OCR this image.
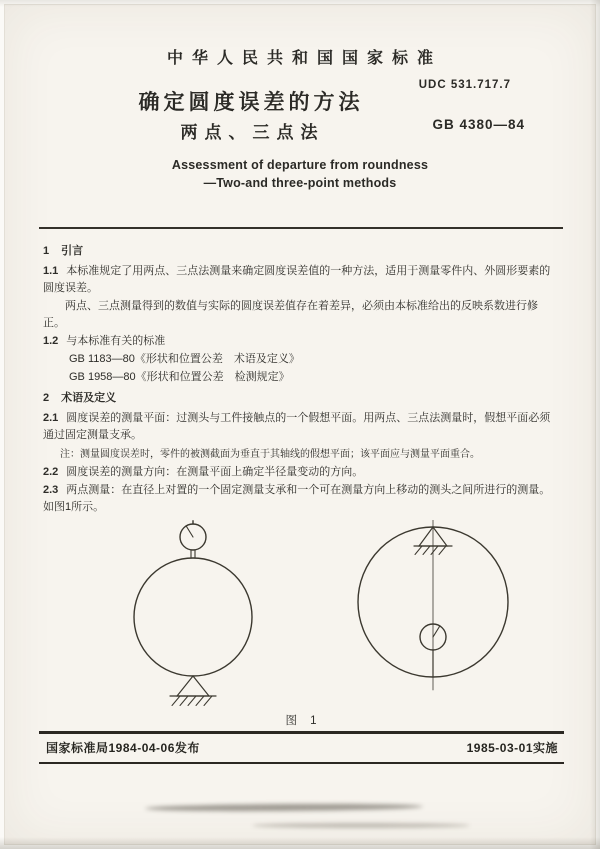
中华人民共和国国家标准
UDC 531.717.7
GB 4380—84
确定圆度误差的方法
两点、三点法
Assessment of departure from roundness
—Two-and three-point methods

1 引言

1.1 本标准规定了用两点、三点法测量来确定圆度误差值的一种方法，适用于测量零件内、外圆形要素的圆度误差。

两点、三点测量得到的数值与实际的圆度误差值存在着差异，必须由本标准给出的反映系数进行修正。

1.2 与本标准有关的标准

GB 1183—80《形状和位置公差　术语及定义》

GB 1958—80《形状和位置公差　检测规定》

2 术语及定义

2.1 圆度误差的测量平面：过测头与工件接触点的一个假想平面。用两点、三点法测量时，假想平面必须通过固定测量支承。

注：测量圆度误差时，零件的被测截面为垂直于其轴线的假想平面；该平面应与测量平面重合。

2.2 圆度误差的测量方向：在测量平面上确定半径量变动的方向。

2.3 两点测量：在直径上对置的一个固定测量支承和一个可在测量方向上移动的测头之间所进行的测量。如图1所示。

图 1
国家标准局1984-04-06发布	1985-03-01实施
